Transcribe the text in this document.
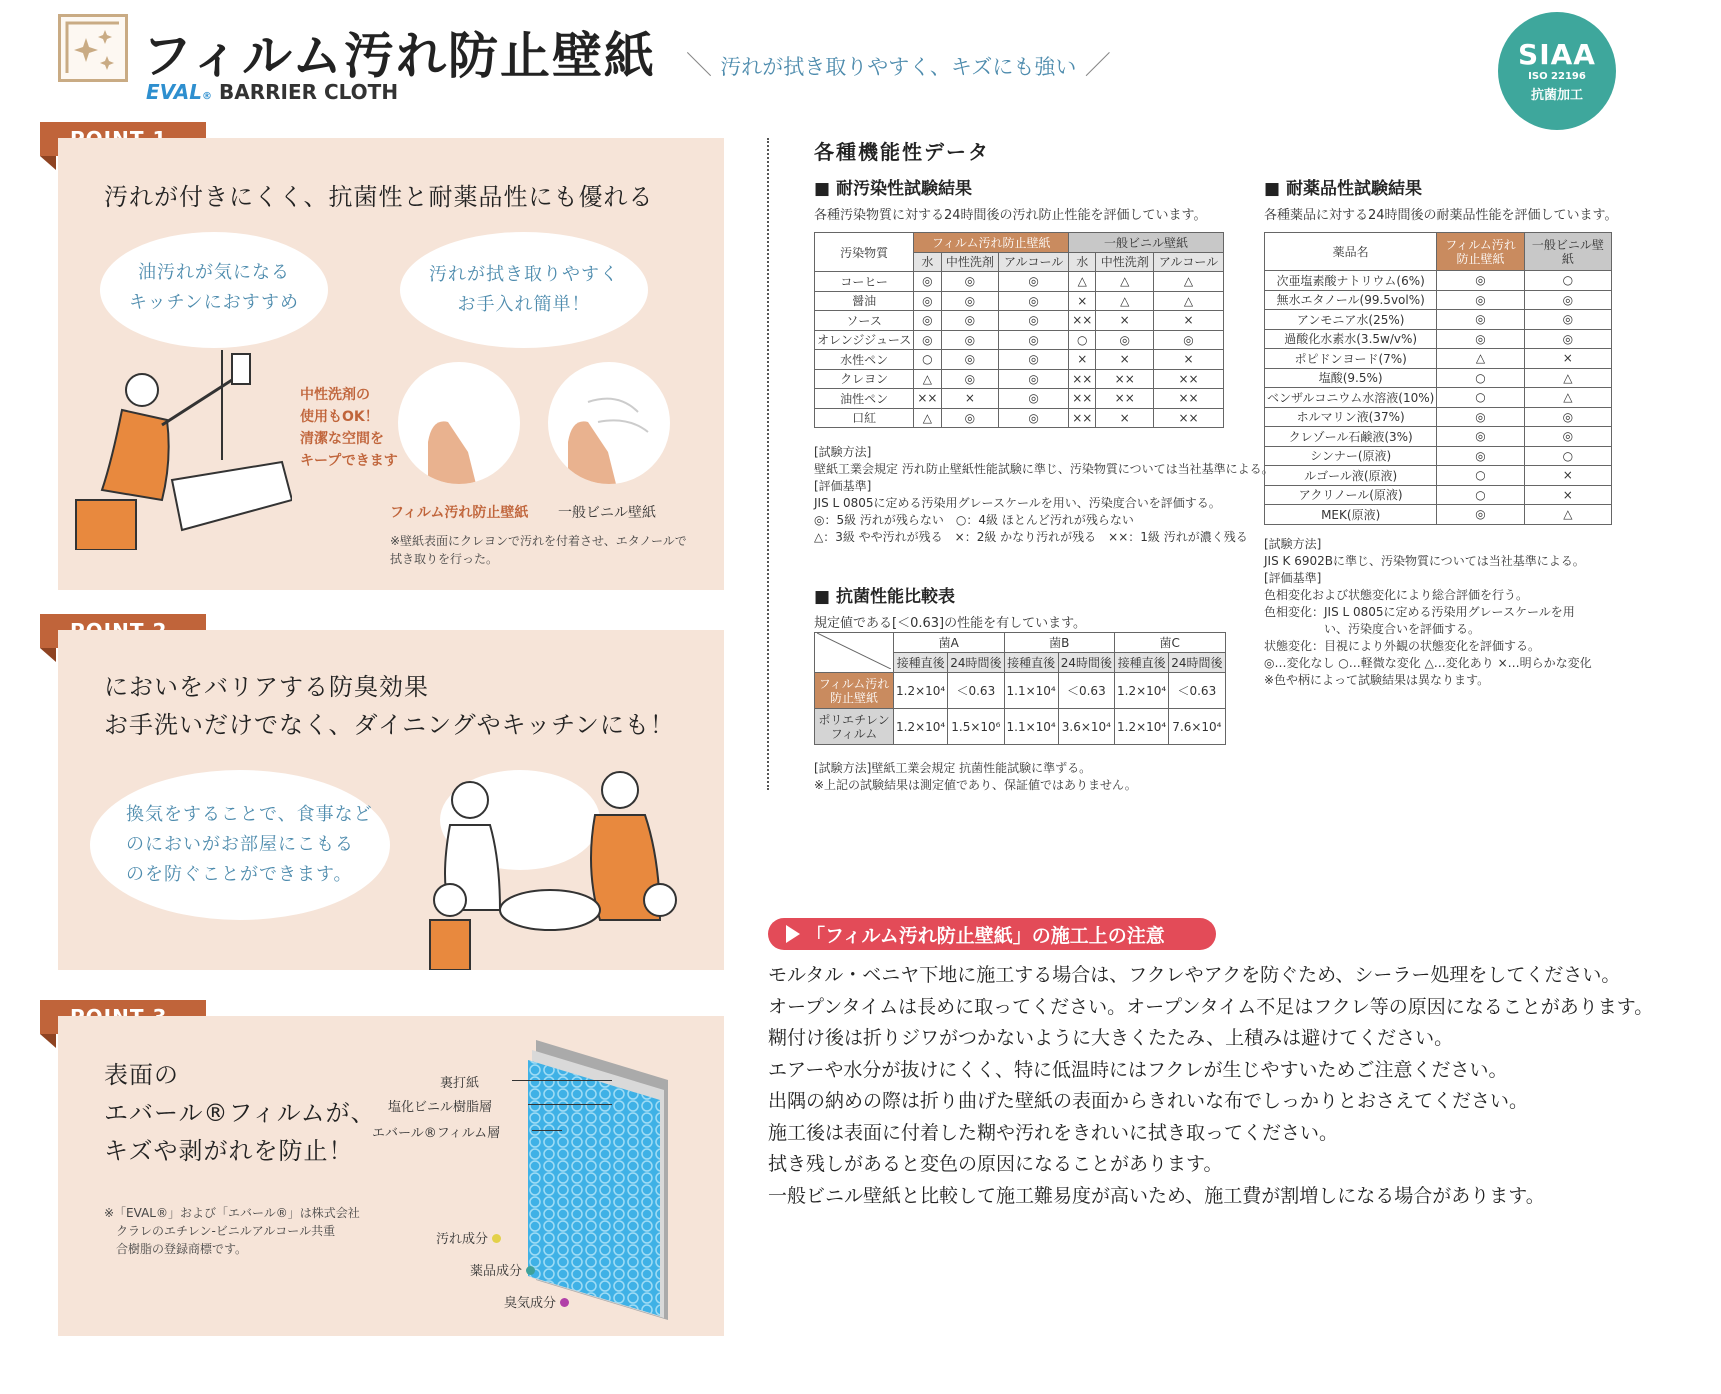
フィルム汚れ防止壁紙
EVAL® BARRIER CLOTH
＼ 汚れが拭き取りやすく、キズにも強い ／	SIAA
ISO 22196
抗菌加工
汚れが付きにくく、抗菌性と耐薬品性にも優れる
油汚れが気になる
キッチンにおすすめ
汚れが拭き取りやすく
お手入れ簡単！
中性洗剤の
使用もOK！
清潔な空間を
キープできます
フィルム汚れ防止壁紙 一般ビニル壁紙
※壁紙表面にクレヨンで汚れを付着させ、エタノールで
拭き取りを行った。
においをバリアする防臭効果
お手洗いだけでなく、ダイニングやキッチンにも！
換気をすることで、食事など
のにおいがお部屋にこもる
のを防ぐことができます。
表面の
エバール®フィルムが、
キズや剥がれを防止！
※「EVAL®」および「エバール®」は株式会社
クラレのエチレン-ビニルアルコール共重
合樹脂の登録商標です。
裏打紙
塩化ビニル樹脂層
エバール®フィルム層
汚れ成分
薬品成分
臭気成分
各種機能性データ
■ 耐汚染性試験結果
各種汚染物質に対する24時間後の汚れ防止性能を評価しています。
汚染物質	フィルム汚れ防止壁紙			一般ビニル壁紙		
	水	中性洗剤	アルコール	水	中性洗剤	アルコール
コーヒー	◎	◎	◎	△	△	△
醤油	◎	◎	◎	×	△	△
ソース	◎	◎	◎	××	×	×
オレンジジュース	◎	◎	◎	○	◎	◎
水性ペン	○	◎	◎	×	×	×
クレヨン	△	◎	◎	××	××	××
油性ペン	××	×	◎	××	××	××
口紅	△	◎	◎	××	×	××
[試験方法]
壁紙工業会規定 汚れ防止壁紙性能試験に準じ、汚染物質については当社基準による。
[評価基準]
JIS L 0805に定める汚染用グレースケールを用い、汚染度合いを評価する。
◎：5級 汚れが残らない　○：4級 ほとんど汚れが残らない
△：3級 やや汚れが残る　×：2級 かなり汚れが残る　××：1級 汚れが濃く残る
■ 抗菌性能比較表
規定値である[＜0.63]の性能を有しています。
	菌A		菌B		菌C	
	接種直後	24時間後	接種直後	24時間後	接種直後	24時間後
フィルム汚れ防止壁紙	1.2×10⁴	＜0.63	1.1×10⁴	＜0.63	1.2×10⁴	＜0.63
ポリエチレンフィルム	1.2×10⁴	1.5×10⁶	1.1×10⁴	3.6×10⁴	1.2×10⁴	7.6×10⁴
[試験方法]壁紙工業会規定 抗菌性能試験に準ずる。
※上記の試験結果は測定値であり、保証値ではありません。
■ 耐薬品性試験結果
各種薬品に対する24時間後の耐薬品性能を評価しています。
薬品名	フィルム汚れ防止壁紙	一般ビニル壁紙
次亜塩素酸ナトリウム(6%)	◎	○
無水エタノール(99.5vol%)	◎	◎
アンモニア水(25%)	◎	◎
過酸化水素水(3.5w/v%)	◎	◎
ポピドンヨード(7%)	△	×
塩酸(9.5%)	○	△
ベンザルコニウム水溶液(10%)	○	△
ホルマリン液(37%)	◎	◎
クレゾール石鹸液(3%)	◎	◎
シンナー(原液)	◎	○
ルゴール液(原液)	○	×
アクリノール(原液)	○	×
MEK(原液)	◎	△
[試験方法]
JIS K 6902Bに準じ、汚染物質については当社基準による。
[評価基準]
色相変化および状態変化により総合評価を行う。
色相変化：JIS L 0805に定める汚染用グレースケールを用
　　　　　い、汚染度合いを評価する。
状態変化：目視により外観の状態変化を評価する。
◎…変化なし ○…軽微な変化 △…変化あり ×…明らかな変化
※色や柄によって試験結果は異なります。
「フィルム汚れ防止壁紙」の施工上の注意
モルタル・ベニヤ下地に施工する場合は、フクレやアクを防ぐため、シーラー処理をしてください。
オープンタイムは長めに取ってください。オープンタイム不足はフクレ等の原因になることがあります。
糊付け後は折りジワがつかないように大きくたたみ、上積みは避けてください。
エアーや水分が抜けにくく、特に低温時にはフクレが生じやすいためご注意ください。
出隅の納めの際は折り曲げた壁紙の表面からきれいな布でしっかりとおさえてください。
施工後は表面に付着した糊や汚れをきれいに拭き取ってください。
拭き残しがあると変色の原因になることがあります。
一般ビニル壁紙と比較して施工難易度が高いため、施工費が割増しになる場合があります。
